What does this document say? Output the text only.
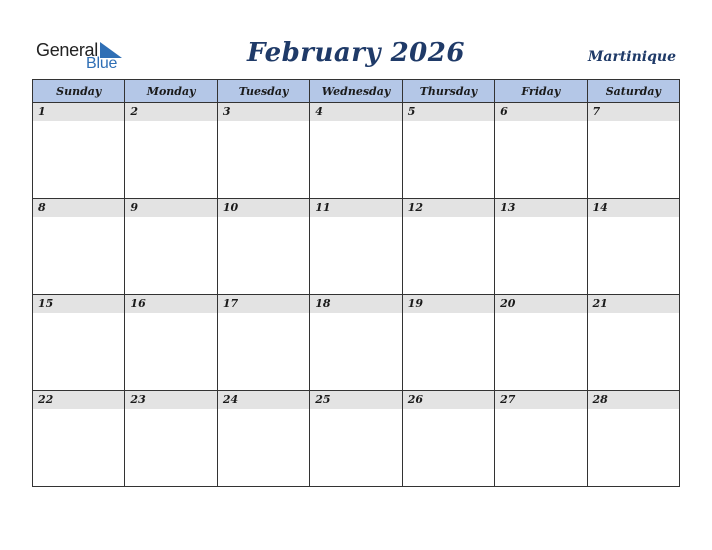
General
Blue	February 2026	Martinique
Sunday	Monday	Tuesday	Wednesday	Thursday	Friday	Saturday

1	2	3	4	5	6	7

8	9	10	11	12	13	14

15	16	17	18	19	20	21

22	23	24	25	26	27	28
